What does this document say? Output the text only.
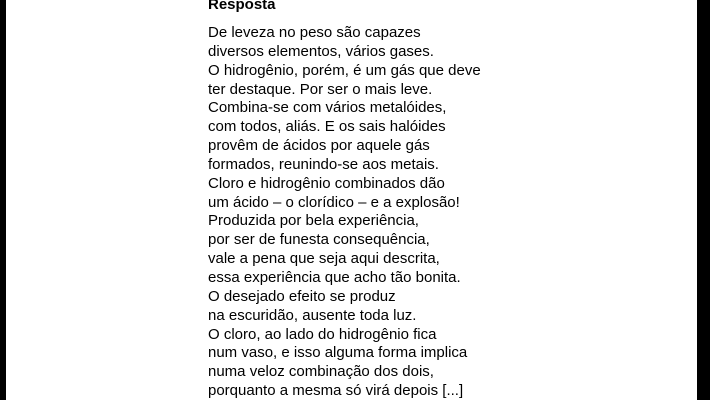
Resposta
De leveza no peso são capazes
diversos elementos, vários gases.
O hidrogênio, porém, é um gás que deve
ter destaque. Por ser o mais leve.
Combina-se com vários metalóides,
com todos, aliás. E os sais halóides
provêm de ácidos por aquele gás
formados, reunindo-se aos metais.
Cloro e hidrogênio combinados dão
um ácido – o clorídico – e a explosão!
Produzida por bela experiência,
por ser de funesta consequência,
vale a pena que seja aqui descrita,
essa experiência que acho tão bonita.
O desejado efeito se produz
na escuridão, ausente toda luz.
O cloro, ao lado do hidrogênio fica
num vaso, e isso alguma forma implica
numa veloz combinação dos dois,
porquanto a mesma só virá depois [...]
